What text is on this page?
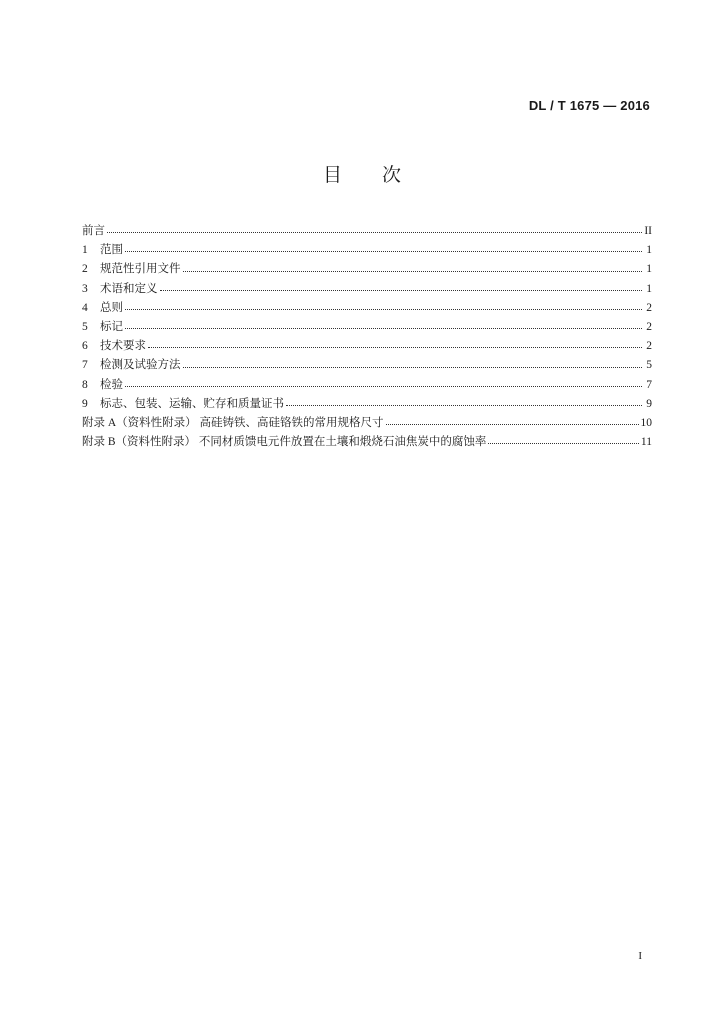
DL / T 1675 — 2016
目次
前言	II
1	范围	1
2	规范性引用文件	1
3	术语和定义	1
4	总则	2
5	标记	2
6	技术要求	2
7	检测及试验方法	5
8	检验	7
9	标志、包装、运输、贮存和质量证书	9
附录 A（资料性附录） 高硅铸铁、高硅铬铁的常用规格尺寸	10
附录 B（资料性附录） 不同材质馈电元件放置在土壤和煅烧石油焦炭中的腐蚀率	11
I
